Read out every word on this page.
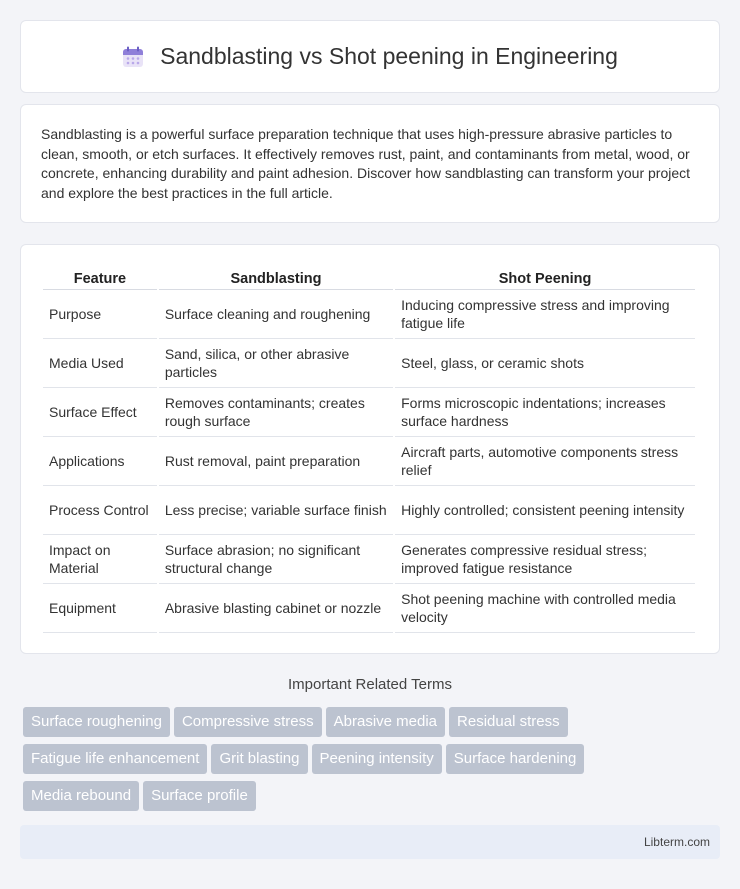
Sandblasting vs Shot peening in Engineering

Sandblasting is a powerful surface preparation technique that uses high-pressure abrasive particles to clean, smooth, or etch surfaces. It effectively removes rust, paint, and contaminants from metal, wood, or concrete, enhancing durability and paint adhesion. Discover how sandblasting can transform your project and explore the best practices in the full article.

Feature	Sandblasting	Shot Peening
Purpose	Surface cleaning and roughening	Inducing compressive stress and improving fatigue life
Media Used	Sand, silica, or other abrasive particles	Steel, glass, or ceramic shots
Surface Effect	Removes contaminants; creates rough surface	Forms microscopic indentations; increases surface hardness
Applications	Rust removal, paint preparation	Aircraft parts, automotive components stress relief
Process Control	Less precise; variable surface finish	Highly controlled; consistent peening intensity
Impact on Material	Surface abrasion; no significant structural change	Generates compressive residual stress; improved fatigue resistance
Equipment	Abrasive blasting cabinet or nozzle	Shot peening machine with controlled media velocity
Important Related Terms
Surface roughening Compressive stress Abrasive media Residual stress
Fatigue life enhancement Grit blasting Peening intensity Surface hardening
Media rebound Surface profile
Libterm.com
